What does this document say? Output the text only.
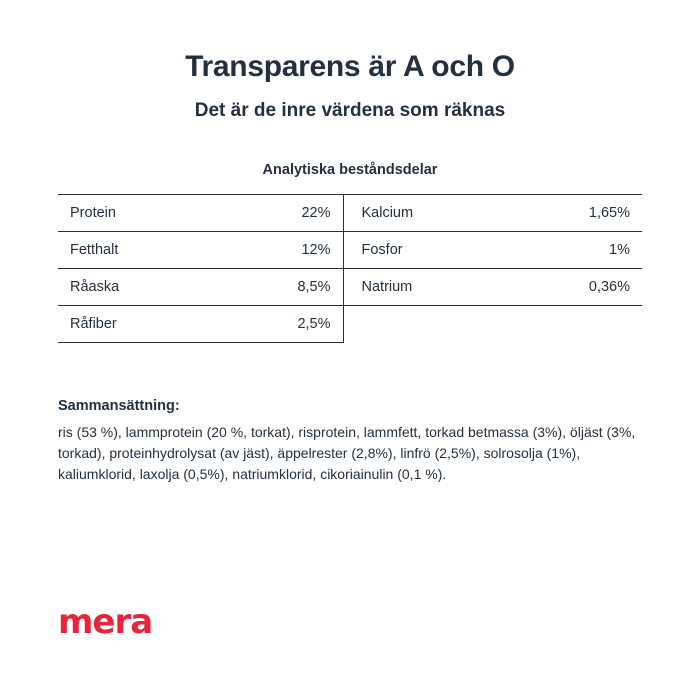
Transparens är A och O
Det är de inre värdena som räknas
Analytiska beståndsdelar
Protein	22%	Kalcium	1,65%
Fetthalt	12%	Fosfor	1%
Råaska	8,5%	Natrium	0,36%
Råfiber	2,5%		
Sammansättning:

ris (53 %), lammprotein (20 %, torkat), risprotein, lammfett, torkad betmassa (3%), öljäst (3%, torkad), proteinhydrolysat (av jäst), äppelrester (2,8%), linfrö (2,5%), solrosolja (1%), kaliumklorid, laxolja (0,5%), natriumklorid, cikoriainulin (0,1 %).

mera
